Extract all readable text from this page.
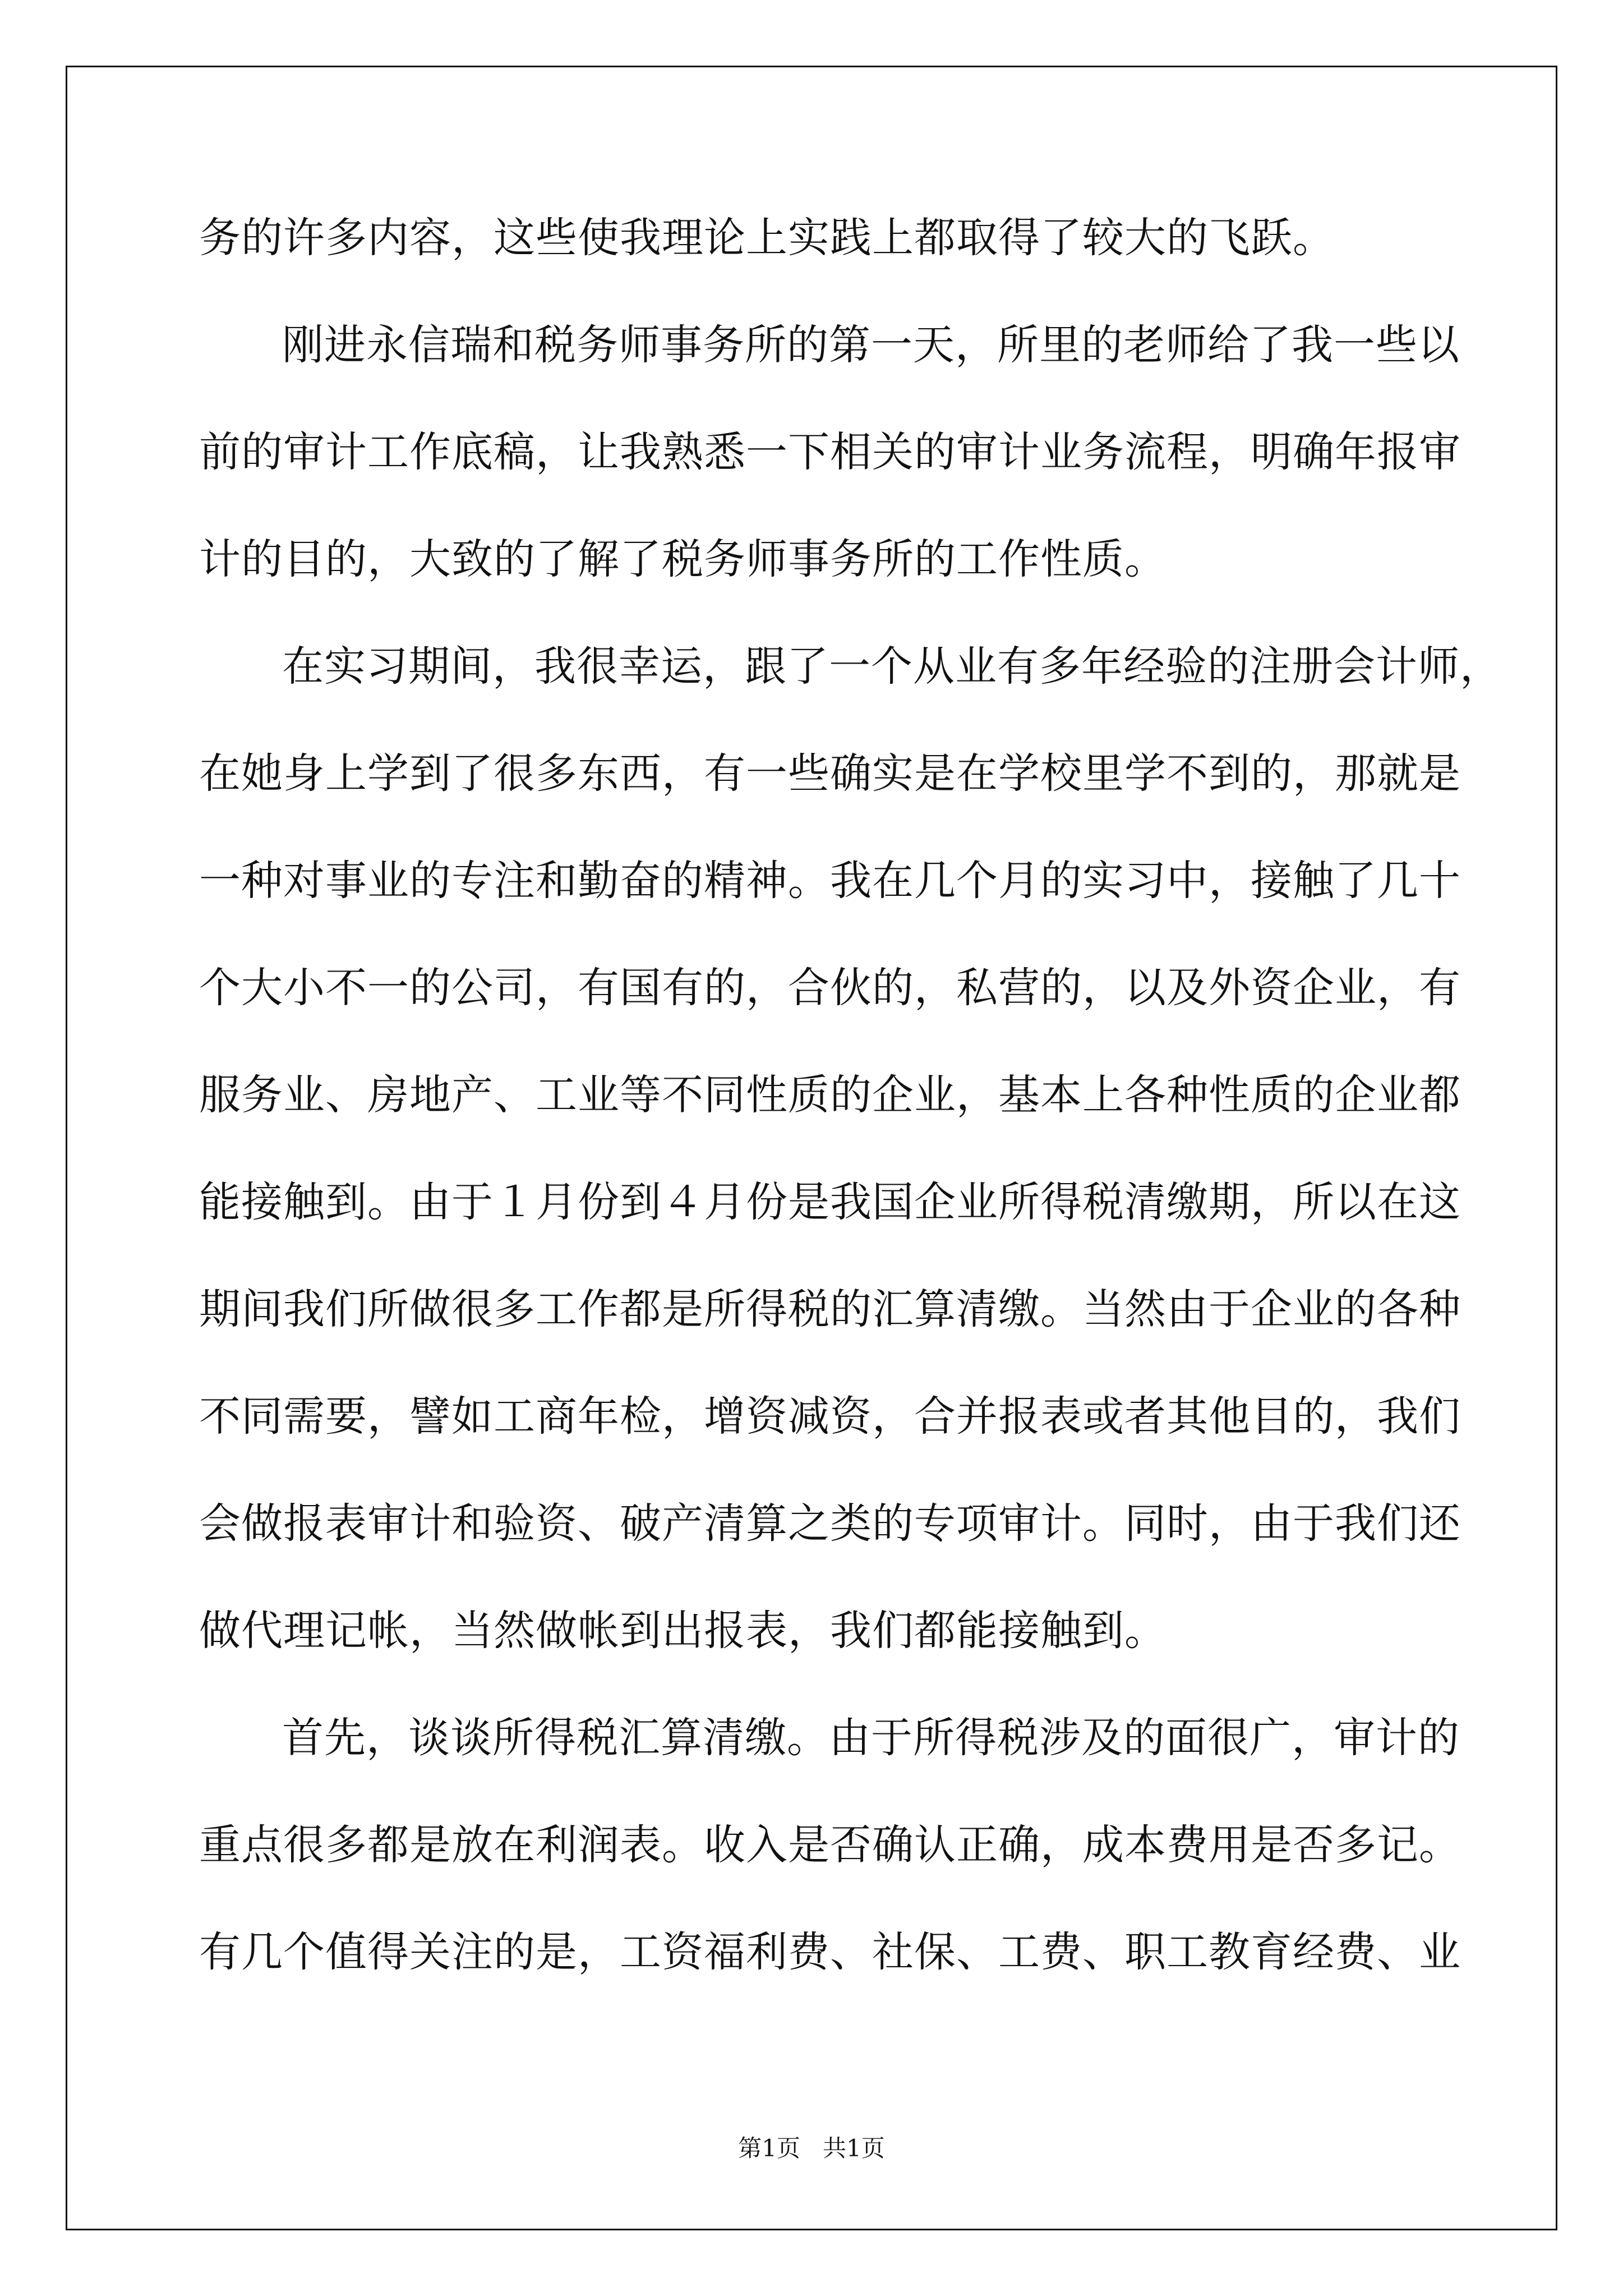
务的许多内容，这些使我理论上实践上都取得了较大的飞跃。
刚进永信瑞和税务师事务所的第一天，所里的老师给了我一些以
前的审计工作底稿，让我熟悉一下相关的审计业务流程，明确年报审
计的目的，大致的了解了税务师事务所的工作性质。
在实习期间，我很幸运，跟了一个从业有多年经验的注册会计师，
在她身上学到了很多东西，有一些确实是在学校里学不到的，那就是
一种对事业的专注和勤奋的精神。我在几个月的实习中，接触了几十
个大小不一的公司，有国有的，合伙的，私营的，以及外资企业，有
服务业、房地产、工业等不同性质的企业，基本上各种性质的企业都
能接触到。由于１月份到４月份是我国企业所得税清缴期，所以在这
期间我们所做很多工作都是所得税的汇算清缴。当然由于企业的各种
不同需要，譬如工商年检，增资减资，合并报表或者其他目的，我们
会做报表审计和验资、破产清算之类的专项审计。同时，由于我们还
做代理记帐，当然做帐到出报表，我们都能接触到。
首先，谈谈所得税汇算清缴。由于所得税涉及的面很广，审计的
重点很多都是放在利润表。收入是否确认正确，成本费用是否多记。
有几个值得关注的是，工资福利费、社保、工费、职工教育经费、业
第1页   共1页
